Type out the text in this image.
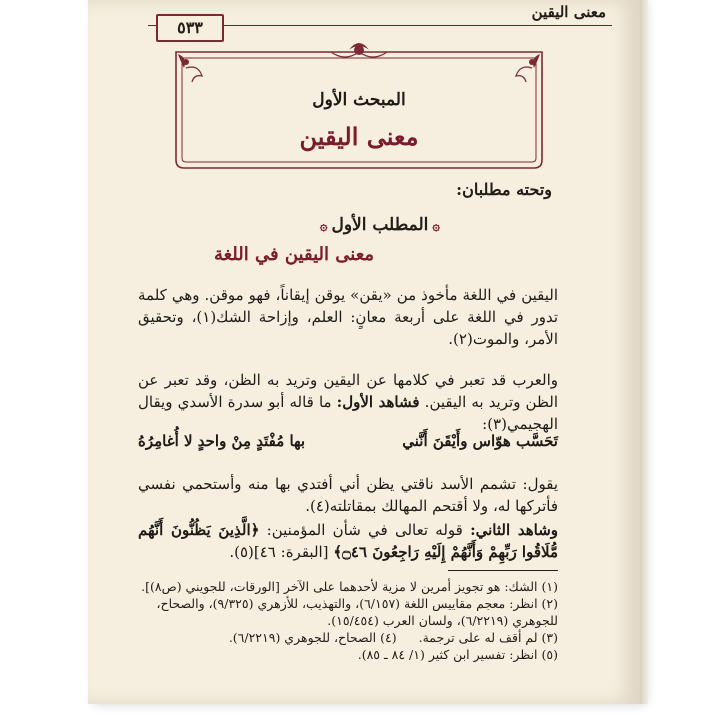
معنى اليقين
٥٣٣
المبحث الأول
معنى اليقين
وتحته مطلبان:
۞المطلب الأول۞
معنى اليقين في اللغة

اليقين في اللغة مأخوذ من «يقن» يوقن إيقاناً، فهو موقن. وهي كلمة تدور في اللغة على أربعة معانٍ: العلم، وإزاحة الشك(١)، وتحقيق الأمر، والموت(٢).

والعرب قد تعبر في كلامها عن اليقين وتريد به الظن، وقد تعبر عن الظن وتريد به اليقين. فشاهد الأول: ما قاله أبو سدرة الأسدي ويقال الهجيمي(٣):

تَحَسَّب هوّاس وأَيْقَنَ أَنَّني
بها مُفْتَدٍ مِنْ واحدٍ لا أُغامِرُهُ

يقول: تشمم الأسد ناقتي يظن أني أفتدي بها منه وأستحمي نفسي فأتركها له، ولا أقتحم المهالك بمقاتلته(٤).

وشاهد الثاني: قوله تعالى في شأن المؤمنين: ﴿الَّذِينَ يَظُنُّونَ أَنَّهُم مُّلَاقُوا رَبِّهِمْ وَأَنَّهُمْ إِلَيْهِ رَاجِعُونَ ۝٤٦﴾ [البقرة: ٤٦](٥).

(١) الشك: هو تجويز أمرين لا مزية لأحدهما على الآخر [الورقات، للجويني (ص٨)].

(٢) انظر: معجم مقاييس اللغة (٦/١٥٧)، والتهذيب، للأزهري (٩/٣٢٥)، والصحاح، للجوهري (٦/٢٢١٩)، ولسان العرب (١٥/٤٥٤).

(٣) لم أقف له على ترجمة.

(٤) الصحاح، للجوهري (٦/٢٢١٩).

(٥) انظر: تفسير ابن كثير (١/ ٨٤ ـ ٨٥).
